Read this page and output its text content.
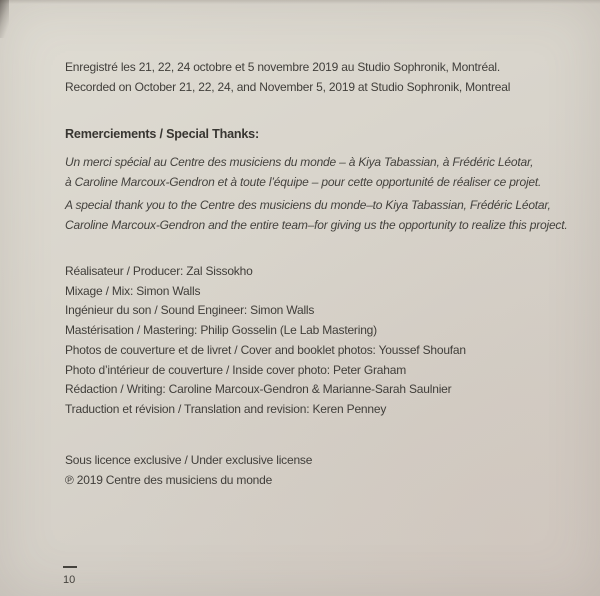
Enregistré les 21, 22, 24 octobre et 5 novembre 2019 au Studio Sophronik, Montréal.
Recorded on October 21, 22, 24, and November 5, 2019 at Studio Sophronik, Montreal
Remerciements / Special Thanks:
Un merci spécial au Centre des musiciens du monde – à Kiya Tabassian, à Frédéric Léotar,
à Caroline Marcoux-Gendron et à toute l’équipe – pour cette opportunité de réaliser ce projet.
A special thank you to the Centre des musiciens du monde–to Kiya Tabassian, Frédéric Léotar,
Caroline Marcoux-Gendron and the entire team–for giving us the opportunity to realize this project.
Réalisateur / Producer: Zal Sissokho
Mixage / Mix: Simon Walls
Ingénieur du son / Sound Engineer: Simon Walls
Mastérisation / Mastering: Philip Gosselin (Le Lab Mastering)
Photos de couverture et de livret / Cover and booklet photos: Youssef Shoufan
Photo d’intérieur de couverture / Inside cover photo: Peter Graham
Rédaction / Writing: Caroline Marcoux-Gendron & Marianne-Sarah Saulnier
Traduction et révision / Translation and revision: Keren Penney
Sous licence exclusive / Under exclusive license
℗ 2019 Centre des musiciens du monde
10
